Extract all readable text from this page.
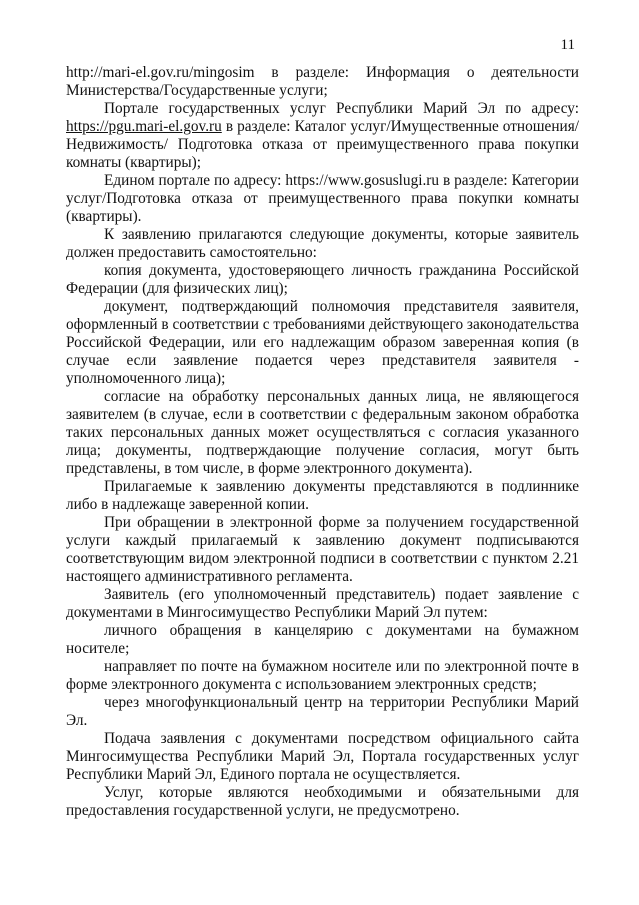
11

http://mari-el.gov.ru/mingosim в разделе: Информация о деятельности Министерства/Государственные услуги;

Портале государственных услуг Республики Марий Эл по адресу: https://pgu.mari-el.gov.ru в разделе: Каталог услуг/Имущественные отношения/Недвижимость/ Подготовка отказа от преимущественного права покупки комнаты (квартиры);

Едином портале по адресу: https://www.gosuslugi.ru в разделе: Категории услуг/Подготовка отказа от преимущественного права покупки комнаты (квартиры).

К заявлению прилагаются следующие документы, которые заявитель должен предоставить самостоятельно:

копия документа, удостоверяющего личность гражданина Российской Федерации (для физических лиц);

документ, подтверждающий полномочия представителя заявителя, оформленный в соответствии с требованиями действующего законодательства Российской Федерации, или его надлежащим образом заверенная копия (в случае если заявление подается через представителя заявителя - уполномоченного лица);

согласие на обработку персональных данных лица, не являющегося заявителем (в случае, если в соответствии с федеральным законом обработка таких персональных данных может осуществляться с согласия указанного лица; документы, подтверждающие получение согласия, могут быть представлены, в том числе, в форме электронного документа).

Прилагаемые к заявлению документы представляются в подлиннике либо в надлежаще заверенной копии.

При обращении в электронной форме за получением государственной услуги каждый прилагаемый к заявлению документ подписываются соответствующим видом электронной подписи в соответствии с пунктом 2.21 настоящего административного регламента.

Заявитель (его уполномоченный представитель) подает заявление с документами в Мингосимущество Республики Марий Эл путем:

личного обращения в канцелярию с документами на бумажном носителе;

направляет по почте на бумажном носителе или по электронной почте в форме электронного документа с использованием электронных средств;

через многофункциональный центр на территории Республики Марий Эл.

Подача заявления с документами посредством официального сайта Мингосимущества Республики Марий Эл, Портала государственных услуг Республики Марий Эл, Единого портала не осуществляется.

Услуг, которые являются необходимыми и обязательными для предоставления государственной услуги, не предусмотрено.
